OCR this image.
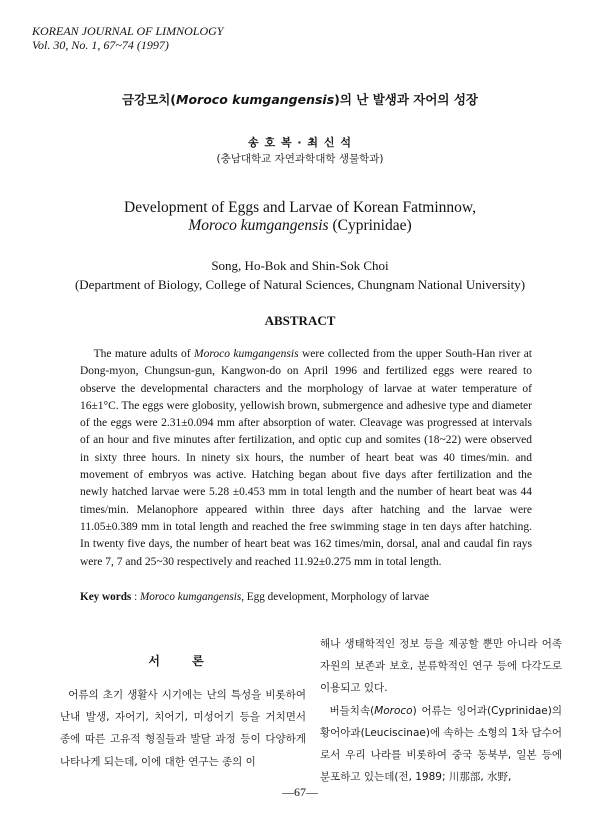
KOREAN JOURNAL OF LIMNOLOGY
Vol. 30, No. 1, 67~74 (1997)
금강모치(Moroco kumgangensis)의 난 발생과 자어의 성장
송 호 복 · 최 신 석
(충남대학교 자연과학대학 생물학과)
Development of Eggs and Larvae of Korean Fatminnow,
Moroco kumgangensis (Cyprinidae)
Song, Ho-Bok and Shin-Sok Choi
(Department of Biology, College of Natural Sciences, Chungnam National University)
ABSTRACT

The mature adults of Moroco kumgangensis were collected from the upper South-Han river at Dong-myon, Chungsun-gun, Kangwon-do on April 1996 and fertilized eggs were reared to observe the developmental characters and the morphology of larvae at water temperature of 16±1°C. The eggs were globosity, yellowish brown, submergence and adhesive type and diameter of the eggs were 2.31±0.094 mm after absorption of water. Cleavage was progressed at intervals of an hour and five minutes after fertilization, and optic cup and somites (18~22) were observed in sixty three hours. In ninety six hours, the number of heart beat was 40 times/min. and movement of embryos was active. Hatching began about five days after fertilization and the newly hatched larvae were 5.28 ±0.453 mm in total length and the number of heart beat was 44 times/min. Melanophore appeared within three days after hatching and the larvae were 11.05±0.389 mm in total length and reached the free swimming stage in ten days after hatching. In twenty five days, the number of heart beat was 162 times/min, dorsal, anal and caudal fin rays were 7, 7 and 25~30 respectively and reached 11.92±0.275 mm in total length.

Key words : Moroco kumgangensis, Egg development, Morphology of larvae
서 론

어류의 초기 생활사 시기에는 난의 특성을 비롯하여 난내 발생, 자어기, 치어기, 미성어기 등을 거치면서 종에 따른 고유적 형질들과 발달 과정 등이 다양하게 나타나게 되는데, 이에 대한 연구는 종의 이

해나 생태학적인 정보 등을 제공할 뿐만 아니라 어족자원의 보존과 보호, 분류학적인 연구 등에 다각도로 이용되고 있다.

버들치속(Moroco) 어류는 잉어과(Cyprinidae)의 황어아과(Leuciscinae)에 속하는 소형의 1차 담수어로서 우리 나라를 비롯하여 중국 동북부, 일본 등에 분포하고 있는데(전, 1989; 川那部, 水野,

—67—
